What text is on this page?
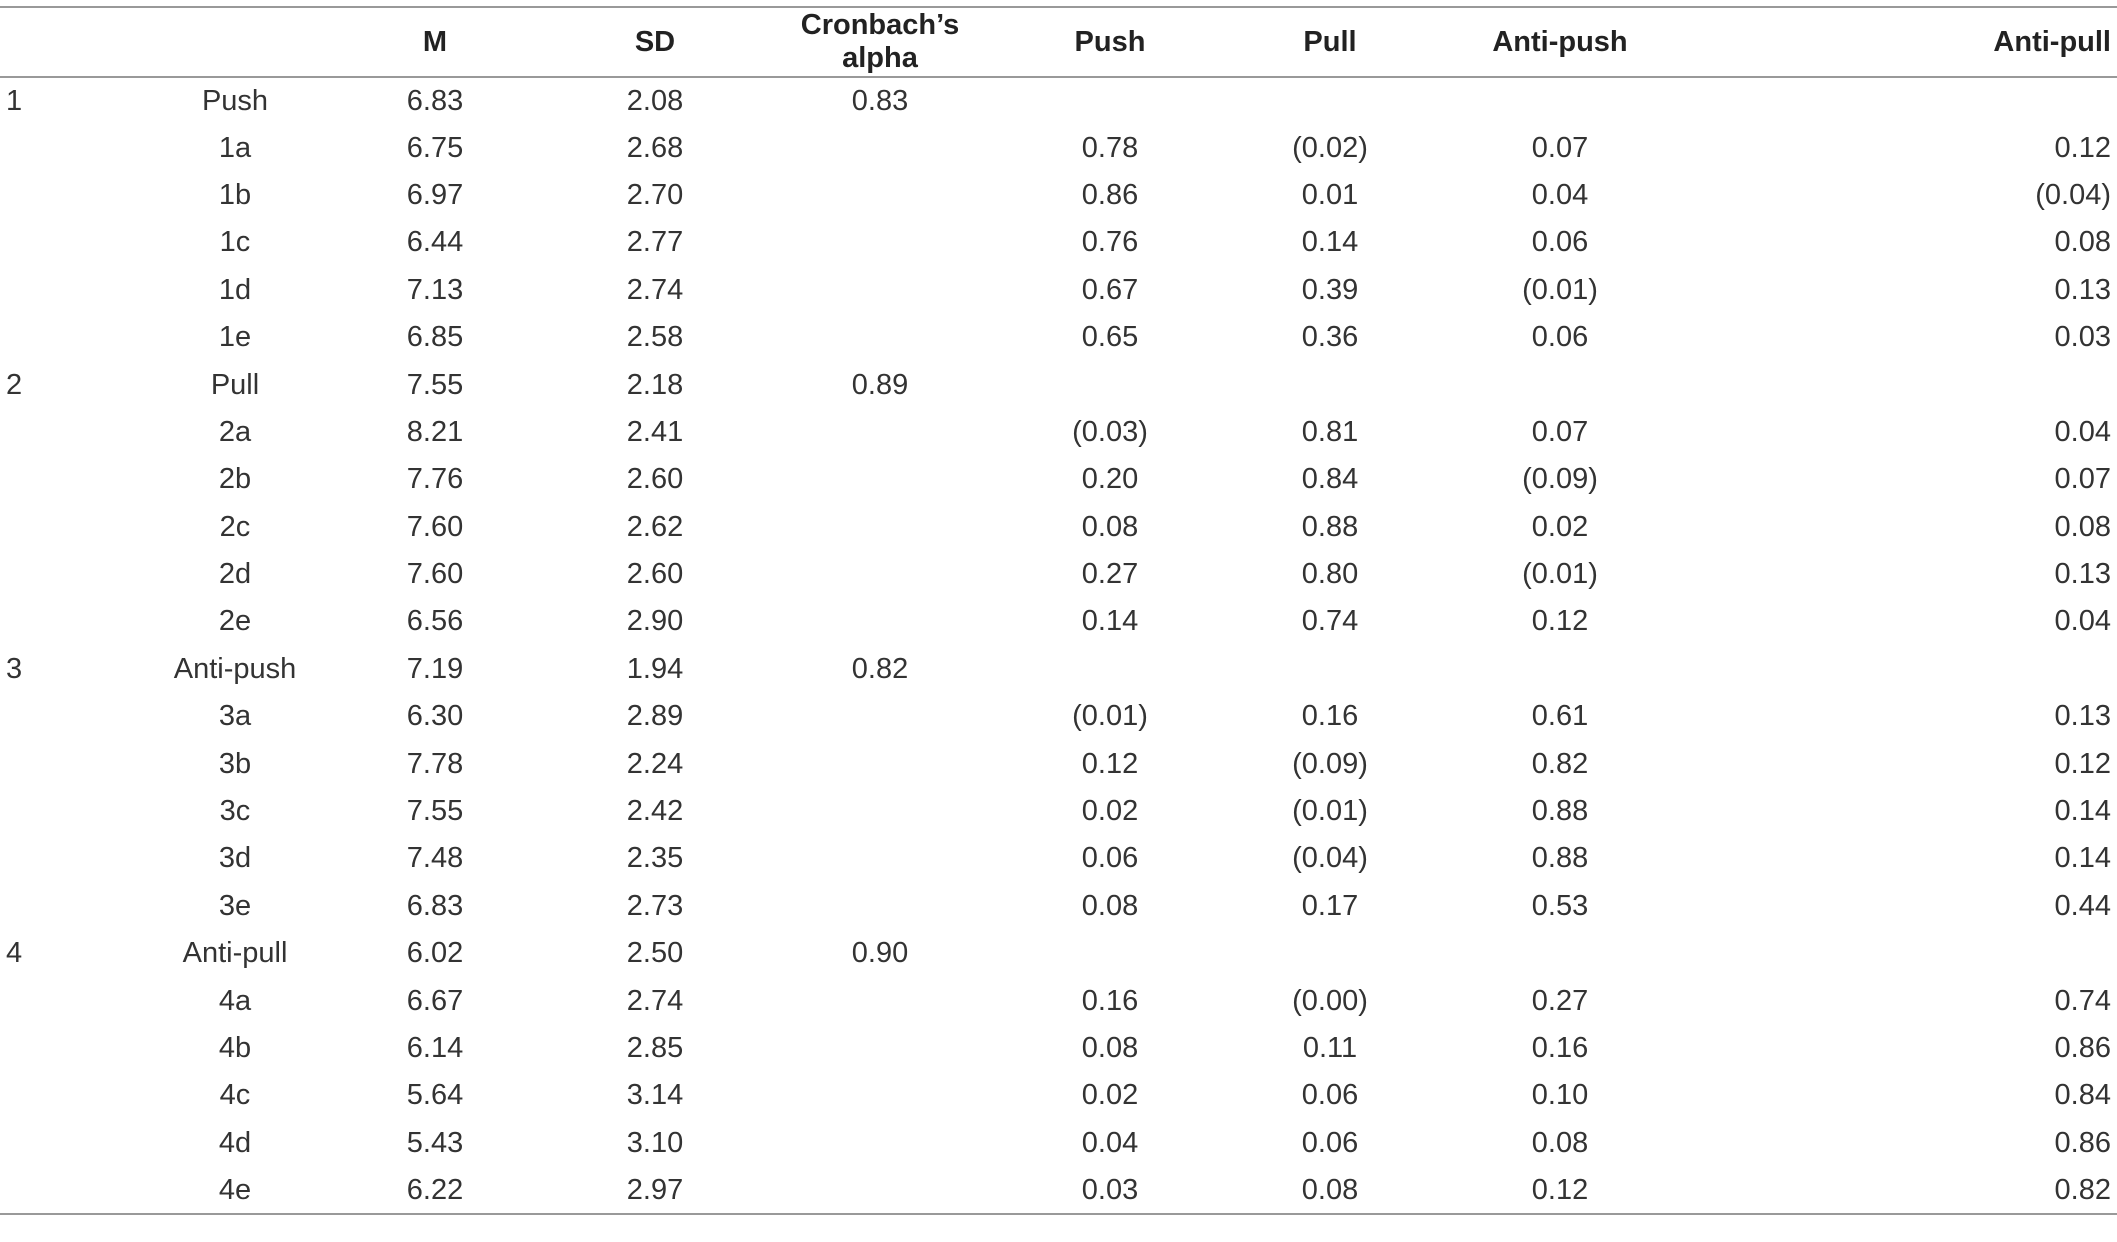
		M	SD	Cronbach’s alpha	Push	Pull	Anti-push	Anti-pull
1	Push	6.83	2.08	0.83				
	1a	6.75	2.68		0.78	(0.02)	0.07	0.12
	1b	6.97	2.70		0.86	0.01	0.04	(0.04)
	1c	6.44	2.77		0.76	0.14	0.06	0.08
	1d	7.13	2.74		0.67	0.39	(0.01)	0.13
	1e	6.85	2.58		0.65	0.36	0.06	0.03
2	Pull	7.55	2.18	0.89				
	2a	8.21	2.41		(0.03)	0.81	0.07	0.04
	2b	7.76	2.60		0.20	0.84	(0.09)	0.07
	2c	7.60	2.62		0.08	0.88	0.02	0.08
	2d	7.60	2.60		0.27	0.80	(0.01)	0.13
	2e	6.56	2.90		0.14	0.74	0.12	0.04
3	Anti-push	7.19	1.94	0.82				
	3a	6.30	2.89		(0.01)	0.16	0.61	0.13
	3b	7.78	2.24		0.12	(0.09)	0.82	0.12
	3c	7.55	2.42		0.02	(0.01)	0.88	0.14
	3d	7.48	2.35		0.06	(0.04)	0.88	0.14
	3e	6.83	2.73		0.08	0.17	0.53	0.44
4	Anti-pull	6.02	2.50	0.90				
	4a	6.67	2.74		0.16	(0.00)	0.27	0.74
	4b	6.14	2.85		0.08	0.11	0.16	0.86
	4c	5.64	3.14		0.02	0.06	0.10	0.84
	4d	5.43	3.10		0.04	0.06	0.08	0.86
	4e	6.22	2.97		0.03	0.08	0.12	0.82
